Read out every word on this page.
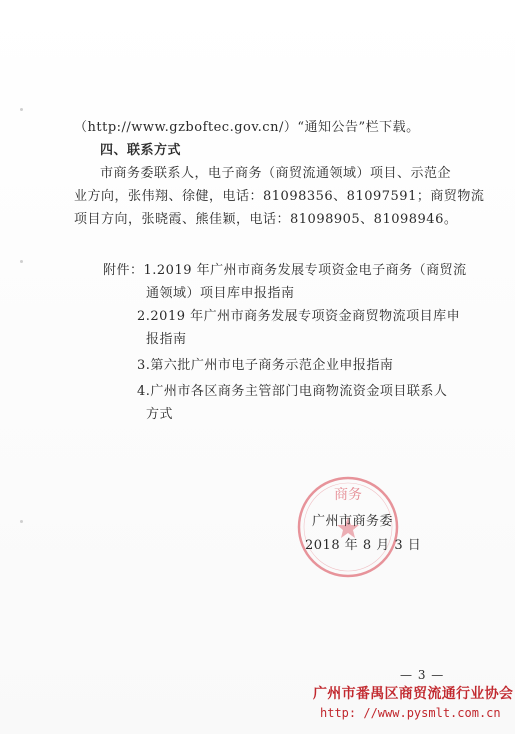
（http://www.gzboftec.gov.cn/）“通知公告”栏下载。
四、联系方式
市商务委联系人，电子商务（商贸流通领域）项目、示范企
业方向，张伟翔、徐健，电话：81098356、81097591；商贸物流
项目方向，张晓霞、熊佳颖，电话：81098905、81098946。
附件：1.2019 年广州市商务发展专项资金电子商务（商贸流
通领域）项目库申报指南
2.2019 年广州市商务发展专项资金商贸物流项目库申
报指南
3.第六批广州市电子商务示范企业申报指南
4.广州市各区商务主管部门电商物流资金项目联系人
方式
商务
广州市商务委
2018 年 8 月 3 日
— 3 —
广州市番禺区商贸流通行业协会
http: //www.pysmlt.com.cn
